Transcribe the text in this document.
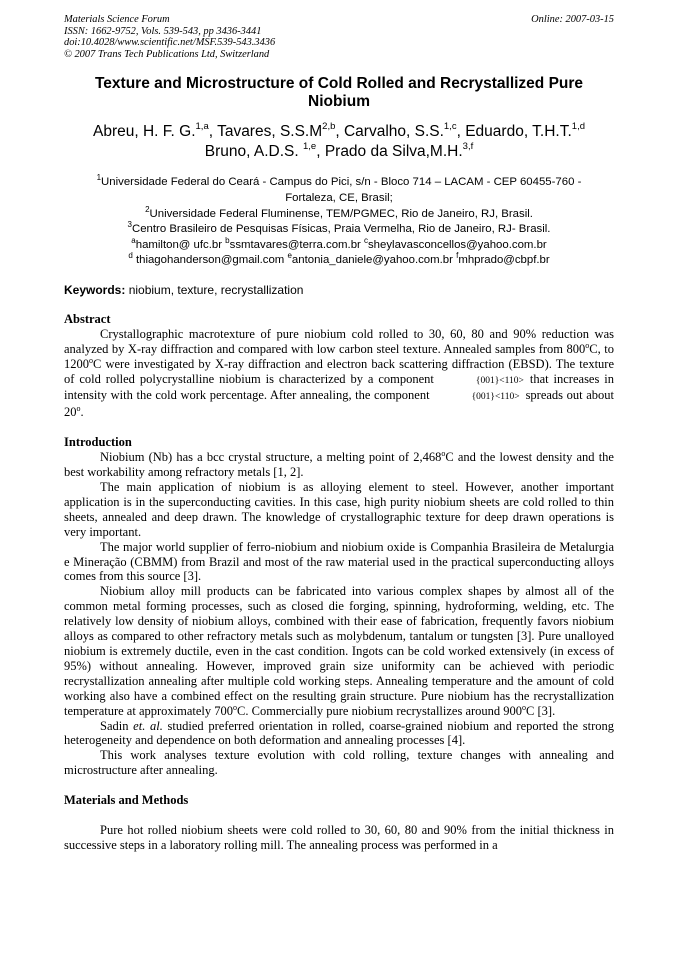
Materials Science Forum
ISSN: 1662-9752, Vols. 539-543, pp 3436-3441
doi:10.4028/www.scientific.net/MSF.539-543.3436
© 2007 Trans Tech Publications Ltd, Switzerland
Online: 2007-03-15
Texture and Microstructure of Cold Rolled and Recrystallized Pure Niobium
Abreu, H. F. G.$^{1,a}$, Tavares, $S.S.M^{2,b}$, Carvalho, S.S.$^{1,c}$, Eduardo, T.H.T.$^{1,d}$
Bruno, A.D.S. $^{1,e}$, Prado da Silva,M.H.$^{3,f}$
$^1$Universidade Federal do Ceará - Campus do Pici, s/n - Bloco 714 – LACAM - CEP 60455-760 -
Fortaleza, CE, Brasil;
$^2$Universidade Federal Fluminense, TEM/PGMEC, Rio de Janeiro, RJ, Brasil.
$^3$Centro Brasileiro de Pesquisas Físicas, Praia Vermelha, Rio de Janeiro, RJ- Brasil.
$^a$hamilton@ ufc.br $^b$ssmtavares@terra.com.br $^c$sheylavasconcellos@yahoo.com.br
$^d$ thiagohanderson@gmail.com $^e$antonia_daniele@yahoo.com.br $^f$mhprado@cbpf.br
Keywords: niobium, texture, recrystallization
Abstract

Crystallographic macrotexture of pure niobium cold rolled to 30, 60, 80 and 90% reduction was analyzed by X-ray diffraction and compared with low carbon steel texture. Annealed samples from 800$^o$C, to 1200$^o$C were investigated by X-ray diffraction and electron back scattering diffraction (EBSD). The texture of cold rolled polycrystalline niobium is characterized by a component	{001}<110> that increases in intensity with the cold work percentage. After annealing, the component	{001}<110> spreads out about 20$^o$.

Introduction

Niobium (Nb) has a bcc crystal structure, a melting point of 2,468$^o$C and the lowest density and the best workability among refractory metals [1, 2].

The main application of niobium is as alloying element to steel. However, another important application is in the superconducting cavities. In this case, high purity niobium sheets are cold rolled to thin sheets, annealed and deep drawn. The knowledge of crystallographic texture for deep drawn operations is very important.

The major world supplier of ferro-niobium and niobium oxide is Companhia Brasileira de Metalurgia e Mineração (CBMM) from Brazil and most of the raw material used in the practical superconducting alloys comes from this source [3].

Niobium alloy mill products can be fabricated into various complex shapes by almost all of the common metal forming processes, such as closed die forging, spinning, hydroforming, welding, etc. The relatively low density of niobium alloys, combined with their ease of fabrication, frequently favors niobium alloys as compared to other refractory metals such as molybdenum, tantalum or tungsten [3]. Pure unalloyed niobium is extremely ductile, even in the cast condition. Ingots can be cold worked extensively (in excess of 95%) without annealing. However, improved grain size uniformity can be achieved with periodic recrystallization annealing after multiple cold working steps. Annealing temperature and the amount of cold working also have a combined effect on the resulting grain structure. Pure niobium has the recrystallization temperature at approximately 700$^o$C. Commercially pure niobium recrystallizes around 900$^o$C [3].

Sadin et. al. studied preferred orientation in rolled, coarse-grained niobium and reported the strong heterogeneity and dependence on both deformation and annealing processes [4].

This work analyses texture evolution with cold rolling, texture changes with annealing and microstructure after annealing.

Materials and Methods

Pure hot rolled niobium sheets were cold rolled to 30, 60, 80 and 90% from the initial thickness in successive steps in a laboratory rolling mill. The annealing process was performed in a
